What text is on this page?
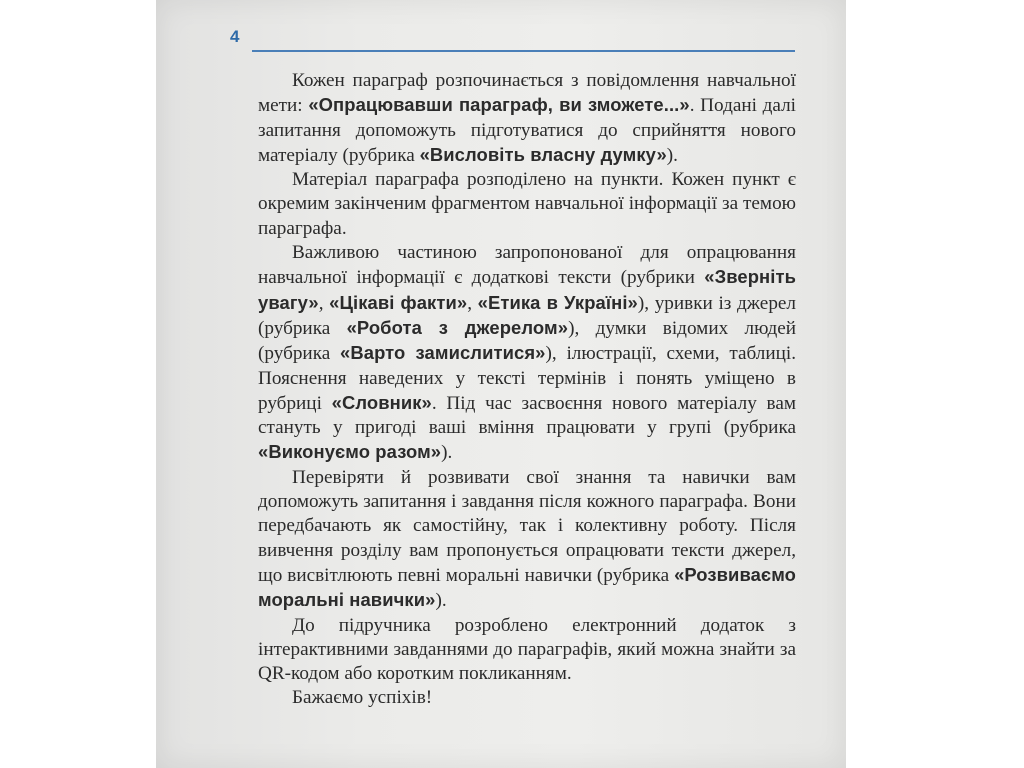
4

Кожен параграф розпочинається з повідомлення навчальної мети: «Опрацювавши параграф, ви зможете...». Подані далі запитання допоможуть підготуватися до сприйняття нового матеріалу (рубрика «Висловіть власну думку»).

Матеріал параграфа розподілено на пункти. Кожен пункт є окремим закінченим фрагментом навчальної інформації за темою параграфа.

Важливою частиною запропонованої для опрацювання навчальної інформації є додаткові тексти (рубрики «Зверніть увагу», «Цікаві факти», «Етика в Україні»), уривки із джерел (рубрика «Робота з джерелом»), думки відомих людей (рубрика «Варто замислитися»), ілюстрації, схеми, таблиці. Пояснення наведених у тексті термінів і понять уміщено в рубриці «Словник». Під час засвоєння нового матеріалу вам стануть у пригоді ваші вміння працювати у групі (рубрика «Виконуємо разом»).

Перевіряти й розвивати свої знання та навички вам допоможуть запитання і завдання після кожного параграфа. Вони передбачають як самостійну, так і колективну роботу. Після вивчення розділу вам пропонується опрацювати тексти джерел, що висвітлюють певні моральні навички (рубрика «Розвиваємо моральні навички»).

До підручника розроблено електронний додаток з інтерактивними завданнями до параграфів, який можна знайти за QR-кодом або коротким покликанням.

Бажаємо успіхів!
